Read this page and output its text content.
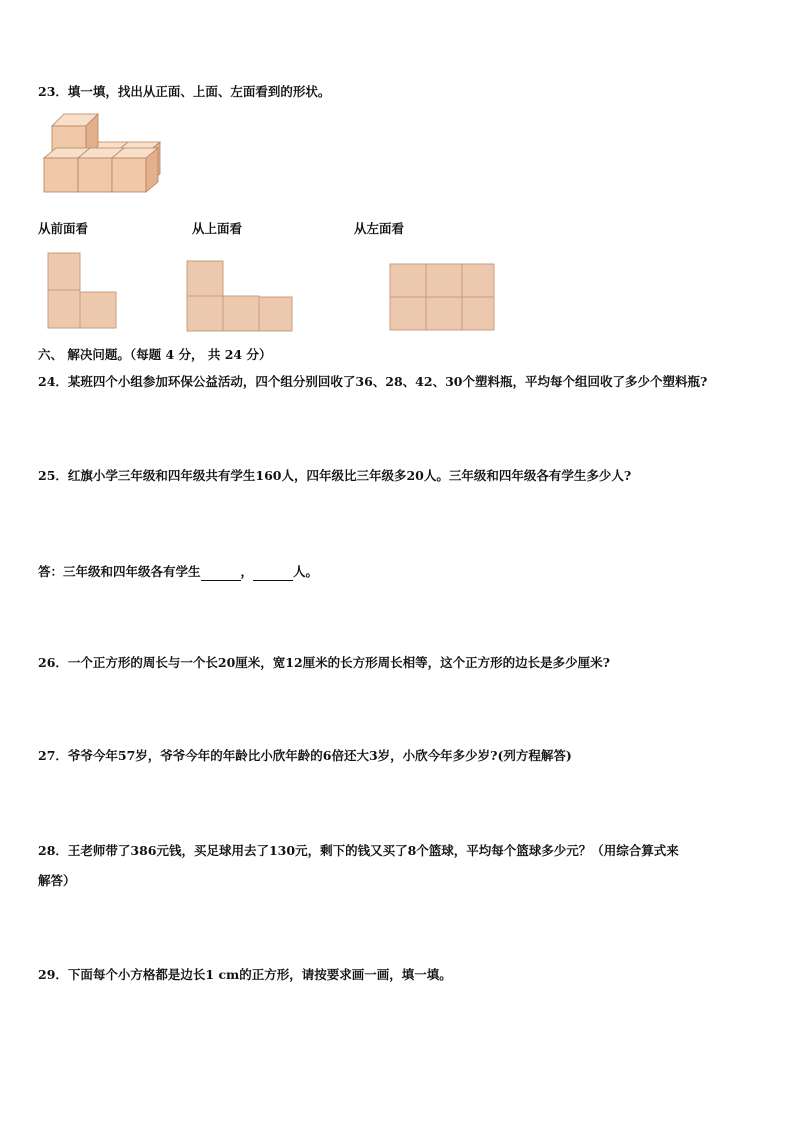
23．填一填，找出从正面、上面、左面看到的形状。
从前面看	从上面看	从左面看
六、 解决问题。（每题 4 分， 共 24 分）
24．某班四个小组参加环保公益活动，四个组分别回收了36、28、42、30个塑料瓶，平均每个组回收了多少个塑料瓶?
25．红旗小学三年级和四年级共有学生160人，四年级比三年级多20人。三年级和四年级各有学生多少人?
答：三年级和四年级各有学生	，	人。
26．一个正方形的周长与一个长20厘米，宽12厘米的长方形周长相等，这个正方形的边长是多少厘米?
27．爷爷今年57岁，爷爷今年的年龄比小欣年龄的6倍还大3岁，小欣今年多少岁?(列方程解答)
28．王老师带了386元钱，买足球用去了130元，剩下的钱又买了8个篮球，平均每个篮球多少元？（用综合算式来
解答）
29．下面每个小方格都是边长1 cm的正方形，请按要求画一画，填一填。
